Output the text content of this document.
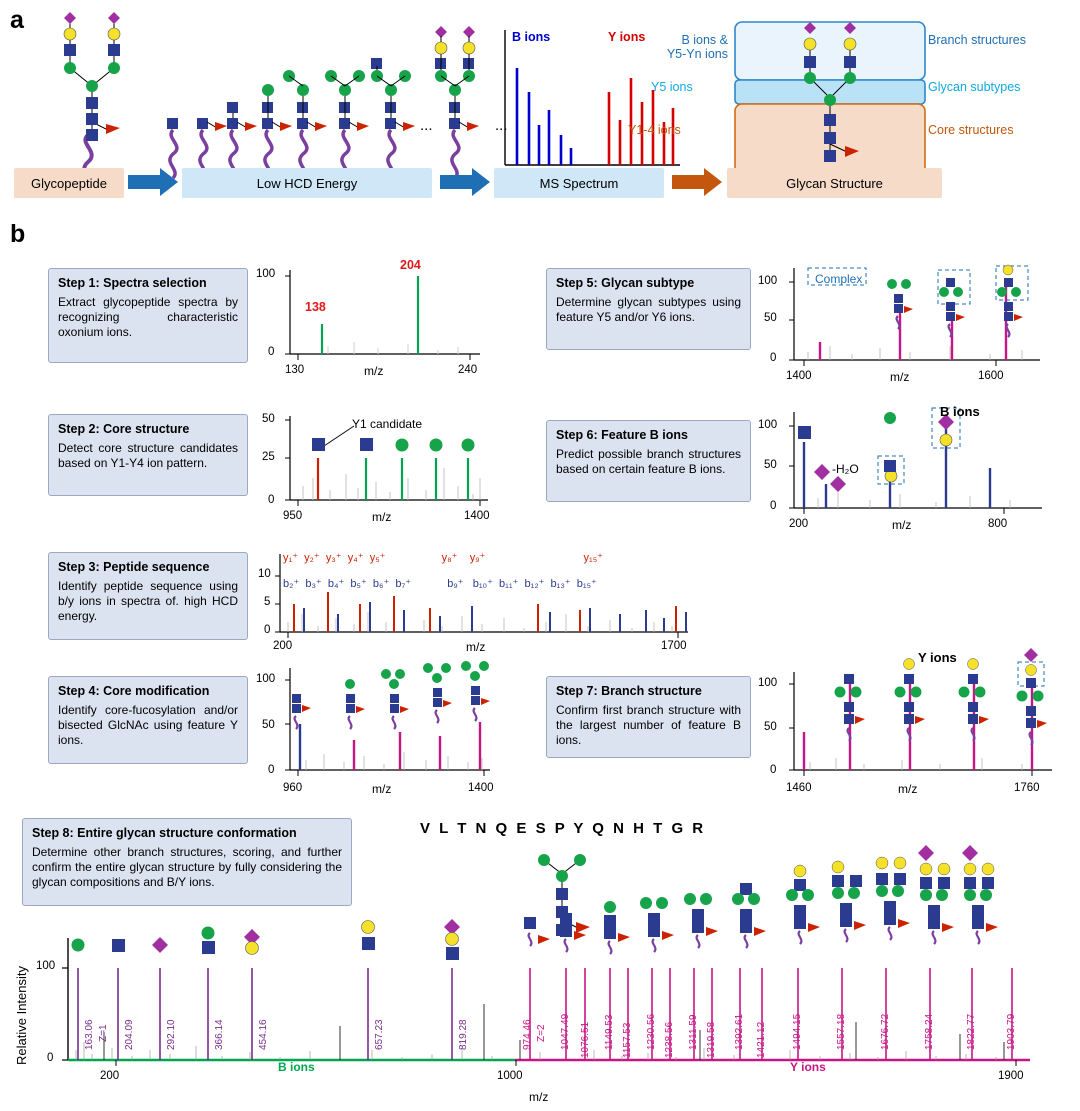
a
...	...
Glycopeptide	Low HCD Energy	MS Spectrum	Glycan Structure
B ions	Y ions	B ions &
Y5-Yn ions
Y5 ions
Y1-4 ions
Branch structures
Glycan subtypes
Core structures
b
Step 1: Spectra selection
Extract glycopeptide spectra by recognizing characteristic oxonium ions.
0
100
130	240
m/z
138
204
Step 2: Core structure
Detect core structure candidates based on Y1-Y4 ion pattern.
0
25
50
950	1400
m/z
Y1 candidate
Step 3: Peptide sequence
Identify peptide sequence using b/y ions in spectra of. high HCD energy.
0
5
10
200	1700
m/z
y₁⁺ y₂⁺ y₃⁺ y₄⁺ y₅⁺	y₈⁺ y₉⁺	y₁₅⁺
b₂⁺ b₃⁺ b₄⁺ b₅⁺ b₆⁺ b₇⁺	b₉⁺ b₁₀⁺ b₁₁⁺ b₁₂⁺ b₁₃⁺ b₁₅⁺
Step 4: Core modification
Identify core-fucosylation and/or bisected GlcNAc using feature Y ions.
0
50
100
960	1400
m/z
Step 5: Glycan subtype
Determine glycan subtypes using feature Y5 and/or Y6 ions.
0
50
100
1400	1600
m/z
Complex
Step 6: Feature B ions
Predict possible branch structures based on certain feature B ions.
0
50
100
200	800
m/z
B ions
-H₂O
Step 7: Branch structure
Confirm first branch structure with the largest number of feature B ions.
0
50
100
1460	1760
m/z
Y ions
Step 8: Entire glycan structure conformation
Determine other branch structures, scoring, and further confirm the entire glycan structure by fully considering the glycan compositions and B/Y ions.
V L T N Q E S P Y Q N H T G R
Relative Intensity 0
100
200	1000	1900
m/z
B ions	Y ions
163.06 Z=1 204.09	292.10	366.14	454.16	657.23	819.28	974.46 Z=2 1047.49 1076.51 1149.53 1157.53 1230.56 1238.56 1311.59 1319.58 1392.61 1421.12	1494.15	1557.18	1676.72	1758.24	1822.77	1903.79
